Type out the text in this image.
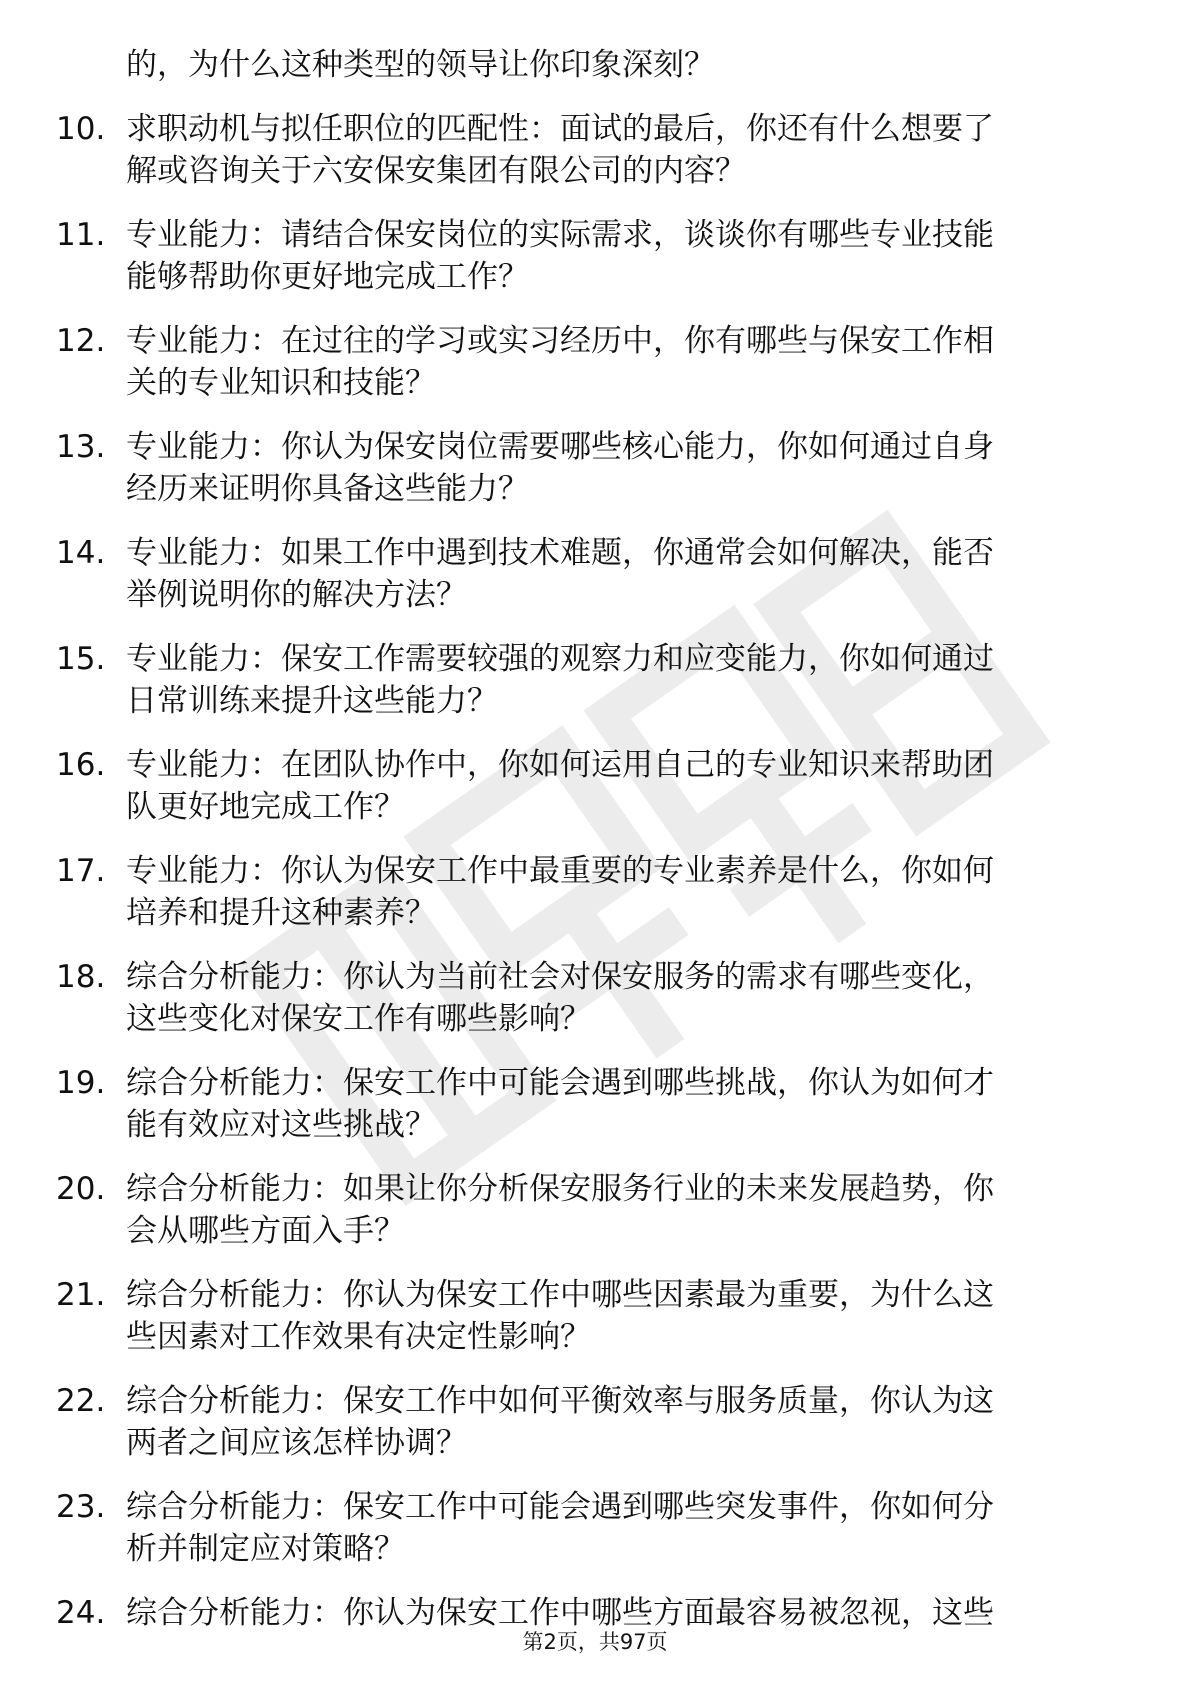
的，为什么这种类型的领导让你印象深刻？
10. 求职动机与拟任职位的匹配性：面试的最后，你还有什么想要了
解或咨询关于六安保安集团有限公司的内容？
11. 专业能力：请结合保安岗位的实际需求，谈谈你有哪些专业技能
能够帮助你更好地完成工作？
12. 专业能力：在过往的学习或实习经历中，你有哪些与保安工作相
关的专业知识和技能？
13. 专业能力：你认为保安岗位需要哪些核心能力，你如何通过自身
经历来证明你具备这些能力？
14. 专业能力：如果工作中遇到技术难题，你通常会如何解决，能否
举例说明你的解决方法？
15. 专业能力：保安工作需要较强的观察力和应变能力，你如何通过
日常训练来提升这些能力？
16. 专业能力：在团队协作中，你如何运用自己的专业知识来帮助团
队更好地完成工作？
17. 专业能力：你认为保安工作中最重要的专业素养是什么，你如何
培养和提升这种素养？
18. 综合分析能力：你认为当前社会对保安服务的需求有哪些变化，
这些变化对保安工作有哪些影响？
19. 综合分析能力：保安工作中可能会遇到哪些挑战，你认为如何才
能有效应对这些挑战？
20. 综合分析能力：如果让你分析保安服务行业的未来发展趋势，你
会从哪些方面入手？
21. 综合分析能力：你认为保安工作中哪些因素最为重要，为什么这
些因素对工作效果有决定性影响？
22. 综合分析能力：保安工作中如何平衡效率与服务质量，你认为这
两者之间应该怎样协调？
23. 综合分析能力：保安工作中可能会遇到哪些突发事件，你如何分
析并制定应对策略？
24. 综合分析能力：你认为保安工作中哪些方面最容易被忽视，这些
第2页，共97页
